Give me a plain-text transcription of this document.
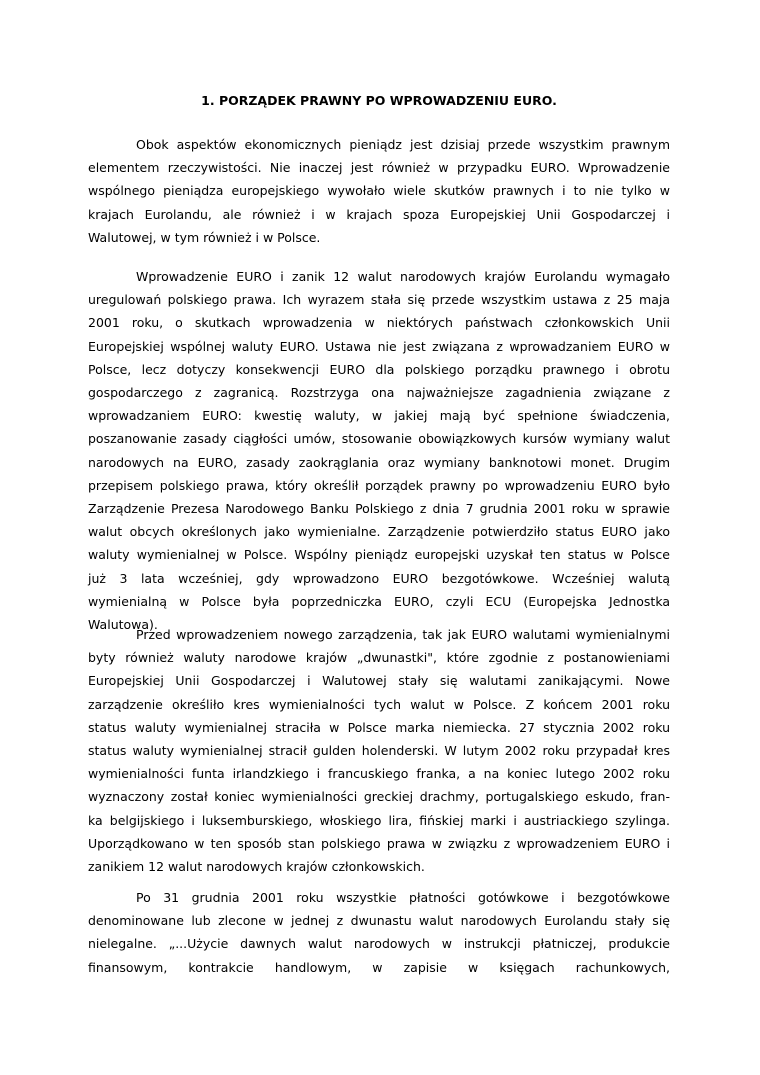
1. PORZĄDEK PRAWNY PO WPROWADZENIU EURO.
Obok aspektów ekonomicznych pieniądz jest dzisiaj przede wszystkim prawnym
elementem rzeczywistości. Nie inaczej jest również w przypadku EURO. Wprowadzenie
wspólnego pieniądza europejskiego wywołało wiele skutków prawnych i to nie tylko w
krajach Eurolandu, ale również i w krajach spoza Europejskiej Unii Gospodarczej i
Walutowej, w tym również i w Polsce.
Wprowadzenie EURO i zanik 12 walut narodowych krajów Eurolandu wymagało
uregulowań polskiego prawa. Ich wyrazem stała się przede wszystkim ustawa z 25 maja
2001 roku, o skutkach wprowadzenia w niektórych państwach członkowskich Unii
Europejskiej wspólnej waluty EURO. Ustawa nie jest związana z wprowadzaniem EURO w
Polsce, lecz dotyczy konsekwencji EURO dla polskiego porządku prawnego i obrotu
gospodarczego z zagranicą. Rozstrzyga ona najważniejsze zagadnienia związane z
wprowadzaniem EURO: kwestię waluty, w jakiej mają być spełnione świadczenia,
poszanowanie zasady ciągłości umów, stosowanie obowiązkowych kursów wymiany walut
narodowych na EURO, zasady zaokrąglania oraz wymiany banknotowi monet. Drugim
przepisem polskiego prawa, który określił porządek prawny po wprowadzeniu EURO było
Zarządzenie Prezesa Narodowego Banku Polskiego z dnia 7 grudnia 2001 roku w sprawie
walut obcych określonych jako wymienialne. Zarządzenie potwierdziło status EURO jako
waluty wymienialnej w Polsce. Wspólny pieniądz europejski uzyskał ten status w Polsce
już 3 lata wcześniej, gdy wprowadzono EURO bezgotówkowe. Wcześniej walutą
wymienialną w Polsce była poprzedniczka EURO, czyli ECU (Europejska Jednostka
Walutowa).
Przed wprowadzeniem nowego zarządzenia, tak jak EURO walutami wymienialnymi
byty również waluty narodowe krajów „dwunastki", które zgodnie z postanowieniami
Europejskiej Unii Gospodarczej i Walutowej stały się walutami zanikającymi. Nowe
zarządzenie określiło kres wymienialności tych walut w Polsce. Z końcem 2001 roku
status waluty wymienialnej straciła w Polsce marka niemiecka. 27 stycznia 2002 roku
status waluty wymienialnej stracił gulden holenderski. W lutym 2002 roku przypadał kres
wymienialności funta irlandzkiego i francuskiego franka, a na koniec lutego 2002 roku
wyznaczony został koniec wymienialności greckiej drachmy, portugalskiego eskudo, fran-
ka belgijskiego i luksemburskiego, włoskiego lira, fińskiej marki i austriackiego szylinga.
Uporządkowano w ten sposób stan polskiego prawa w związku z wprowadzeniem EURO i
zanikiem 12 walut narodowych krajów członkowskich.
Po 31 grudnia 2001 roku wszystkie płatności gotówkowe i bezgotówkowe
denominowane lub zlecone w jednej z dwunastu walut narodowych Eurolandu stały się
nielegalne. „...Użycie dawnych walut narodowych w instrukcji płatniczej, produkcie
finansowym, kontrakcie handlowym, w zapisie w księgach rachunkowych,
